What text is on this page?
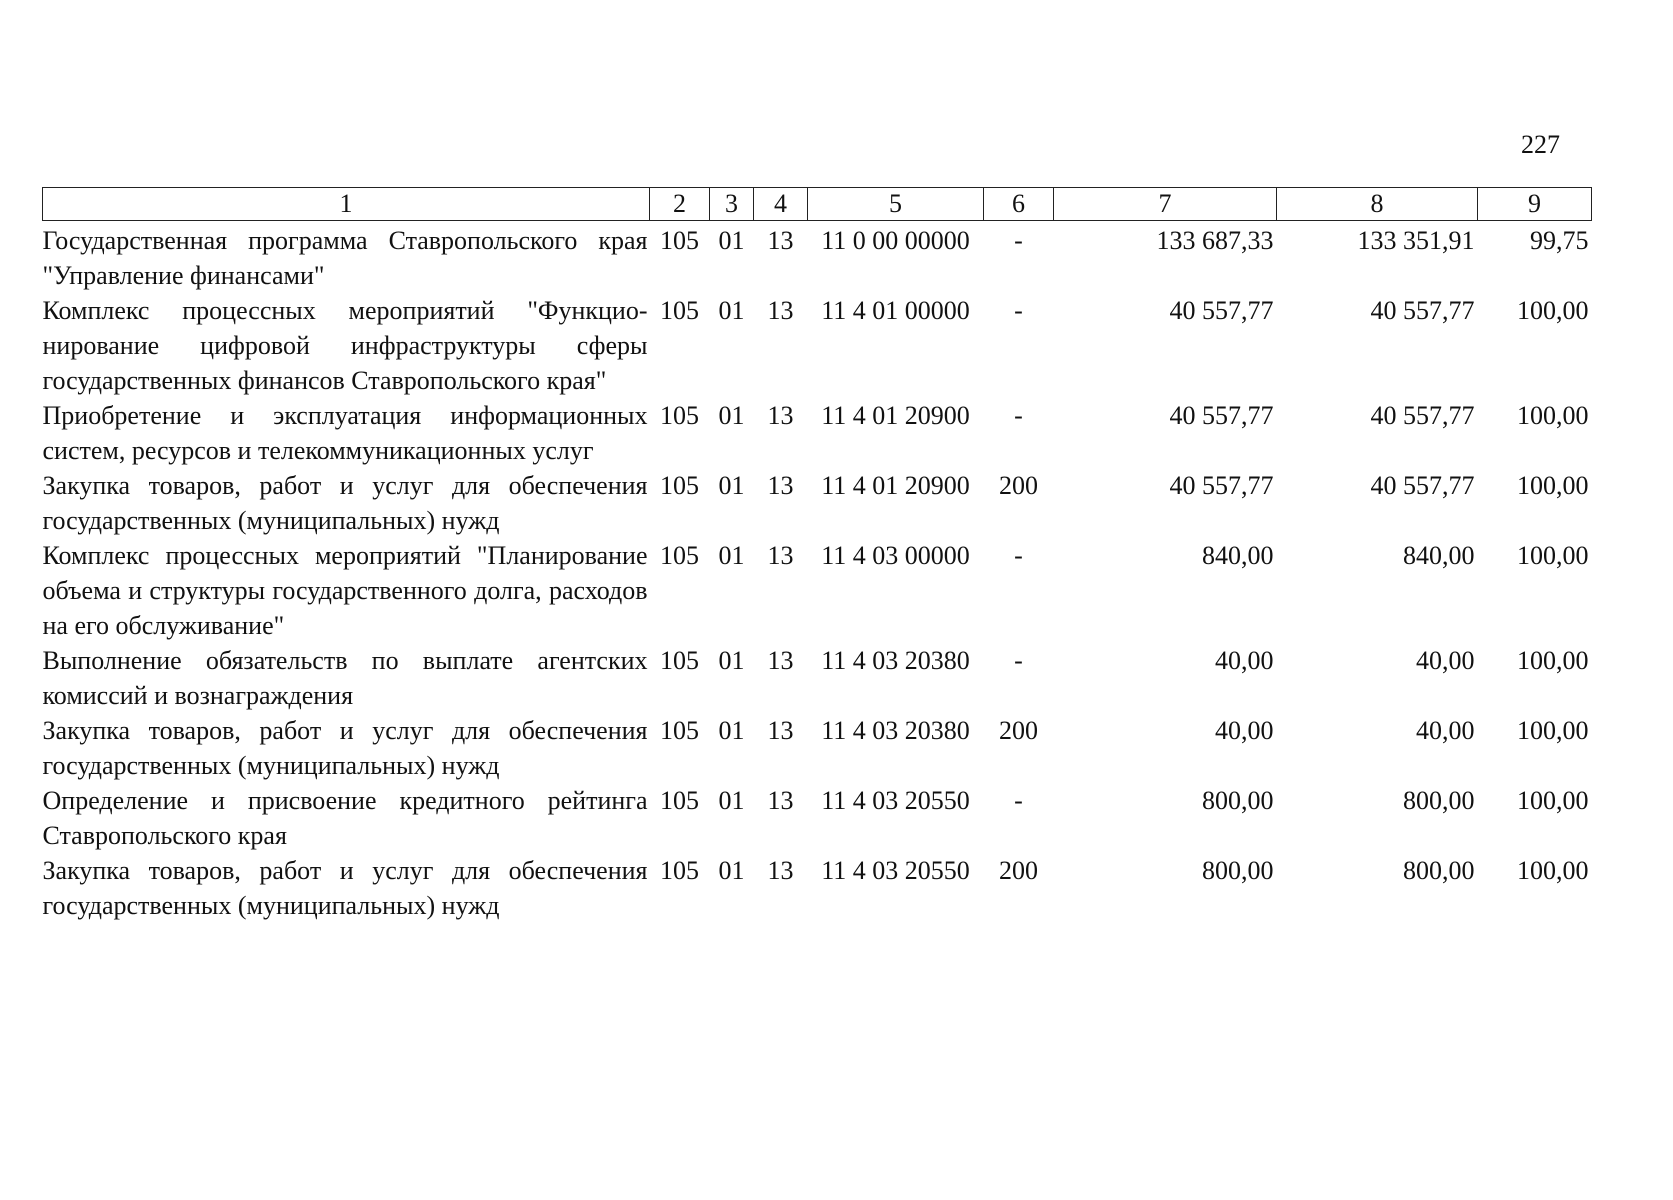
227
1	2	3	4	5	6	7	8	9
Государственная программа Ставропольского края "Управление финансами"	105	01	13	11 0 00 00000	-	133 687,33	133 351,91	99,75
Комплекс процессных мероприятий "Функцио-нирование цифровой инфраструктуры сферы государственных финансов Ставропольского края"	105	01	13	11 4 01 00000	-	40 557,77	40 557,77	100,00
Приобретение и эксплуатация информационных систем, ресурсов и телекоммуникационных услуг	105	01	13	11 4 01 20900	-	40 557,77	40 557,77	100,00
Закупка товаров, работ и услуг для обеспечения государственных (муниципальных) нужд	105	01	13	11 4 01 20900	200	40 557,77	40 557,77	100,00
Комплекс процессных мероприятий "Планирование объема и структуры государственного долга, расходов на его обслуживание"	105	01	13	11 4 03 00000	-	840,00	840,00	100,00
Выполнение обязательств по выплате агентских комиссий и вознаграждения	105	01	13	11 4 03 20380	-	40,00	40,00	100,00
Закупка товаров, работ и услуг для обеспечения государственных (муниципальных) нужд	105	01	13	11 4 03 20380	200	40,00	40,00	100,00
Определение и присвоение кредитного рейтинга Ставропольского края	105	01	13	11 4 03 20550	-	800,00	800,00	100,00
Закупка товаров, работ и услуг для обеспечения государственных (муниципальных) нужд	105	01	13	11 4 03 20550	200	800,00	800,00	100,00
